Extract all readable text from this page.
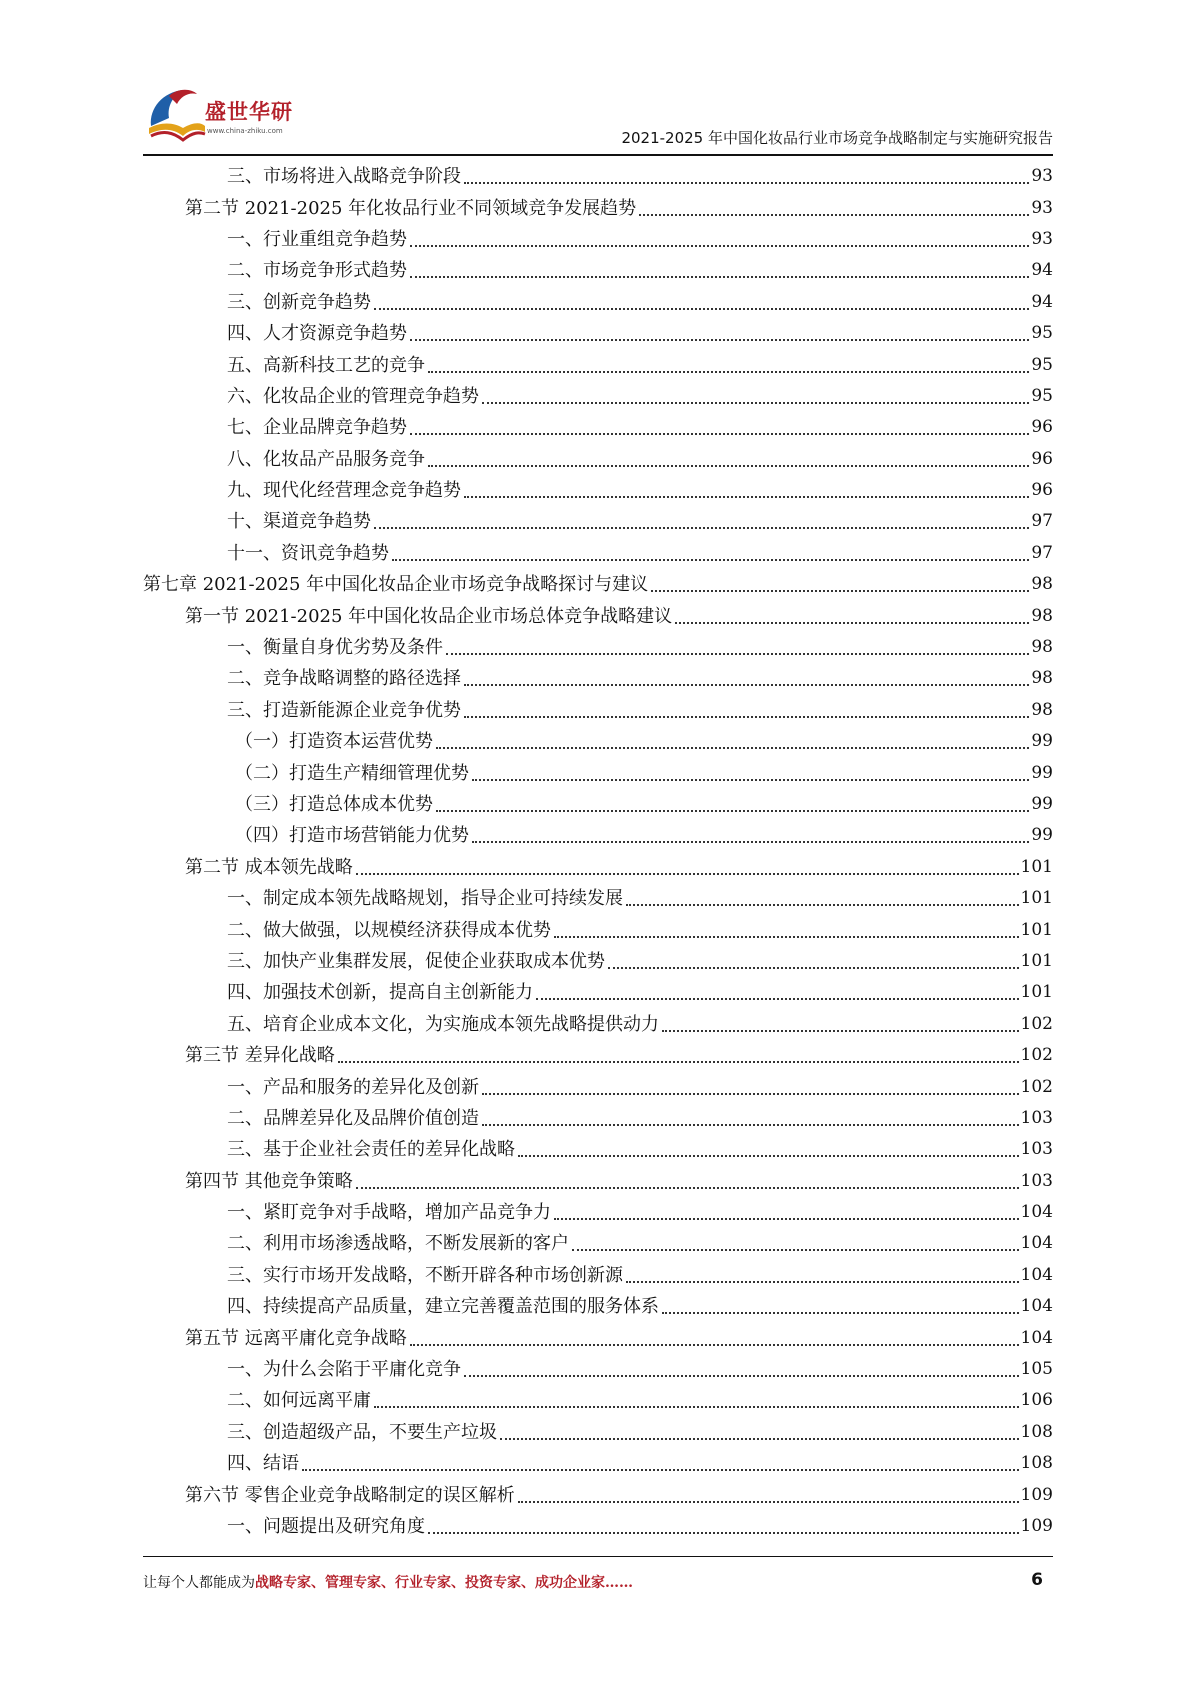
盛世华研
www.china-zhiku.com	2021-2025 年中国化妆品行业市场竞争战略制定与实施研究报告
三、市场将进入战略竞争阶段	93
第二节 2021-2025 年化妆品行业不同领域竞争发展趋势	93
一、行业重组竞争趋势	93
二、市场竞争形式趋势	94
三、创新竞争趋势	94
四、人才资源竞争趋势	95
五、高新科技工艺的竞争	95
六、化妆品企业的管理竞争趋势	95
七、企业品牌竞争趋势	96
八、化妆品产品服务竞争	96
九、现代化经营理念竞争趋势	96
十、渠道竞争趋势	97
十一、资讯竞争趋势	97
第七章 2021-2025 年中国化妆品企业市场竞争战略探讨与建议	98
第一节 2021-2025 年中国化妆品企业市场总体竞争战略建议	98
一、衡量自身优劣势及条件	98
二、竞争战略调整的路径选择	98
三、打造新能源企业竞争优势	98
（一）打造资本运营优势	99
（二）打造生产精细管理优势	99
（三）打造总体成本优势	99
（四）打造市场营销能力优势	99
第二节 成本领先战略	101
一、制定成本领先战略规划，指导企业可持续发展	101
二、做大做强，以规模经济获得成本优势	101
三、加快产业集群发展，促使企业获取成本优势	101
四、加强技术创新，提高自主创新能力	101
五、培育企业成本文化，为实施成本领先战略提供动力	102
第三节 差异化战略	102
一、产品和服务的差异化及创新	102
二、品牌差异化及品牌价值创造	103
三、基于企业社会责任的差异化战略	103
第四节 其他竞争策略	103
一、紧盯竞争对手战略，增加产品竞争力	104
二、利用市场渗透战略，不断发展新的客户	104
三、实行市场开发战略，不断开辟各种市场创新源	104
四、持续提高产品质量，建立完善覆盖范围的服务体系	104
第五节 远离平庸化竞争战略	104
一、为什么会陷于平庸化竞争	105
二、如何远离平庸	106
三、创造超级产品，不要生产垃圾	108
四、结语	108
第六节 零售企业竞争战略制定的误区解析	109
一、问题提出及研究角度	109
让每个人都能成为战略专家、管理专家、行业专家、投资专家、成功企业家……	6
